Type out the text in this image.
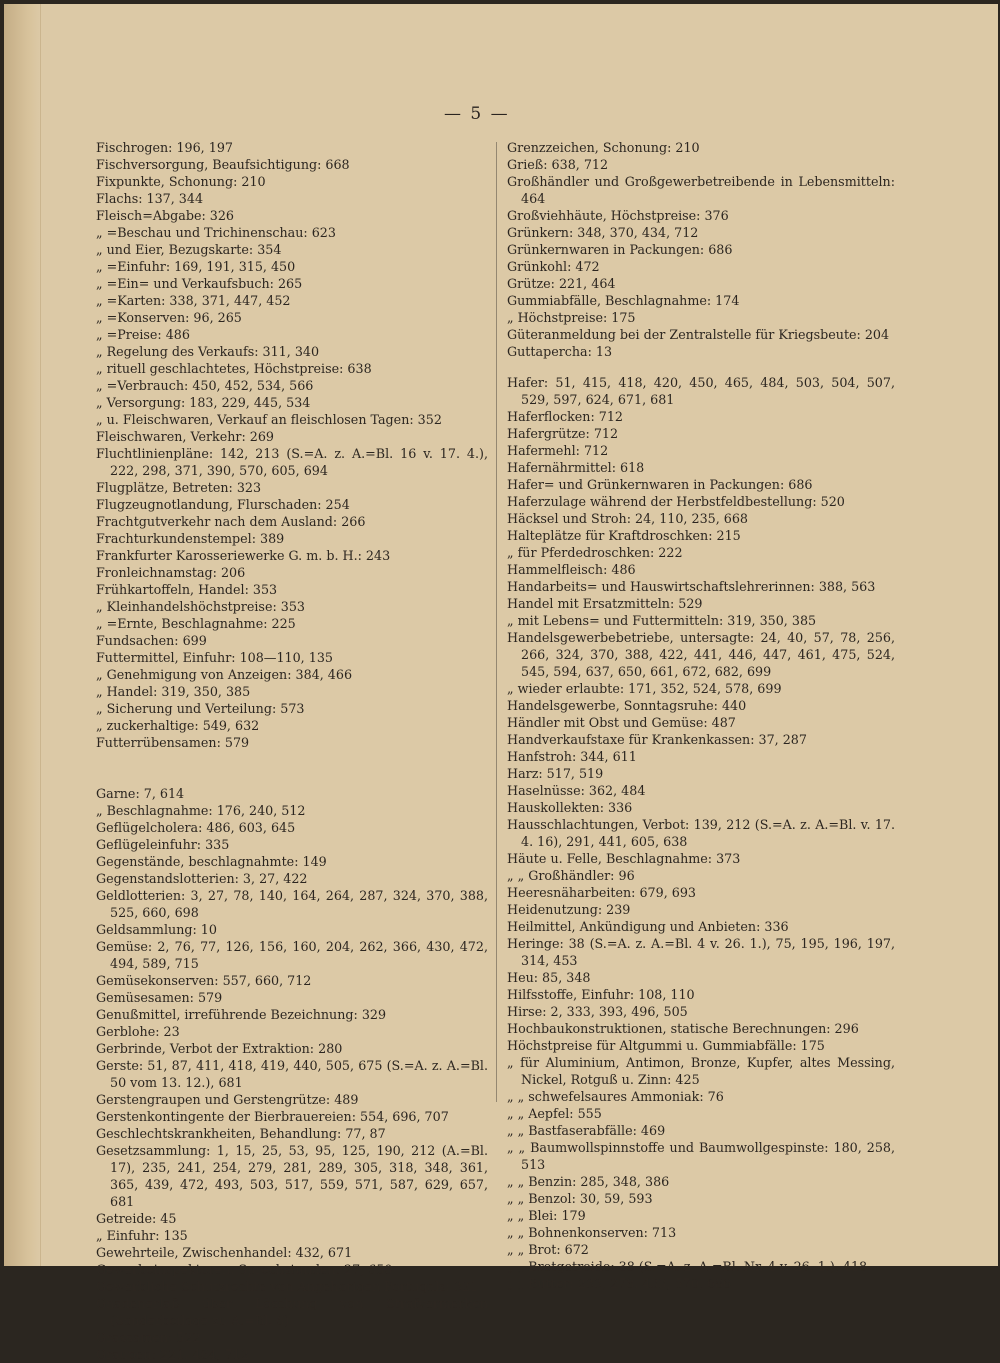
— 5 —

Fischrogen: 196, 197

Fischversorgung, Beaufsichtigung: 668

Fixpunkte, Schonung: 210

Flachs: 137, 344

Fleisch=Abgabe: 326

„ =Beschau und Trichinenschau: 623

„ und Eier, Bezugskarte: 354

„ =Einfuhr: 169, 191, 315, 450

„ =Ein= und Verkaufsbuch: 265

„ =Karten: 338, 371, 447, 452

„ =Konserven: 96, 265

„ =Preise: 486

„ Regelung des Verkaufs: 311, 340

„ rituell geschlachtetes, Höchstpreise: 638

„ =Verbrauch: 450, 452, 534, 566

„ Versorgung: 183, 229, 445, 534

„ u. Fleischwaren, Verkauf an fleischlosen Tagen: 352

Fleischwaren, Verkehr: 269

Fluchtlinienpläne: 142, 213 (S.=A. z. A.=Bl. 16 v. 17. 4.), 222, 298, 371, 390, 570, 605, 694

Flugplätze, Betreten: 323

Flugzeugnotlandung, Flurschaden: 254

Frachtgutverkehr nach dem Ausland: 266

Frachturkundenstempel: 389

Frankfurter Karosseriewerke G. m. b. H.: 243

Fronleichnamstag: 206

Frühkartoffeln, Handel: 353

„ Kleinhandelshöchstpreise: 353

„ =Ernte, Beschlagnahme: 225

Fundsachen: 699

Futtermittel, Einfuhr: 108—110, 135

„ Genehmigung von Anzeigen: 384, 466

„ Handel: 319, 350, 385

„ Sicherung und Verteilung: 573

„ zuckerhaltige: 549, 632

Futterrübensamen: 579

Garne: 7, 614

„ Beschlagnahme: 176, 240, 512

Geflügelcholera: 486, 603, 645

Geflügeleinfuhr: 335

Gegenstände, beschlagnahmte: 149

Gegenstandslotterien: 3, 27, 422

Geldlotterien: 3, 27, 78, 140, 164, 264, 287, 324, 370, 388, 525, 660, 698

Geldsammlung: 10

Gemüse: 2, 76, 77, 126, 156, 160, 204, 262, 366, 430, 472, 494, 589, 715

Gemüsekonserven: 557, 660, 712

Gemüsesamen: 579

Genußmittel, irreführende Bezeichnung: 329

Gerblohe: 23

Gerbrinde, Verbot der Extraktion: 280

Gerste: 51, 87, 411, 418, 419, 440, 505, 675 (S.=A. z. A.=Bl. 50 vom 13. 12.), 681

Gerstengraupen und Gerstengrütze: 489

Gerstenkontingente der Bierbrauereien: 554, 696, 707

Geschlechtskrankheiten, Behandlung: 77, 87

Gesetzsammlung: 1, 15, 25, 53, 95, 125, 190, 212 (A.=Bl. 17), 235, 241, 254, 279, 281, 289, 305, 318, 348, 361, 365, 439, 472, 493, 503, 517, 559, 571, 587, 629, 657, 681

Getreide: 45

„ Einfuhr: 135

Gewehrteile, Zwischenhandel: 432, 671

Gewerbeinspektoren, Sprechstunden: 27, 650

Gewerbliche Schutzrechte von Angehörigen Portugals: 321

Gnadenerlaß über Löschung von Strafvermerken (Sonderbeilage zu A.=Bl. 6)

Grassamen: 522

Graupen: 221, 464, 712

Grenzzeichen, Schonung: 210

Grieß: 638, 712

Großhändler und Großgewerbetreibende in Lebensmitteln: 464

Großviehhäute, Höchstpreise: 376

Grünkern: 348, 370, 434, 712

Grünkernwaren in Packungen: 686

Grünkohl: 472

Grütze: 221, 464

Gummiabfälle, Beschlagnahme: 174

„ Höchstpreise: 175

Güteranmeldung bei der Zentralstelle für Kriegsbeute: 204

Guttapercha: 13

Hafer: 51, 415, 418, 420, 450, 465, 484, 503, 504, 507, 529, 597, 624, 671, 681

Haferflocken: 712

Hafergrütze: 712

Hafermehl: 712

Hafernährmittel: 618

Hafer= und Grünkernwaren in Packungen: 686

Haferzulage während der Herbstfeldbestellung: 520

Häcksel und Stroh: 24, 110, 235, 668

Halteplätze für Kraftdroschken: 215

„ für Pferdedroschken: 222

Hammelfleisch: 486

Handarbeits= und Hauswirtschaftslehrerinnen: 388, 563

Handel mit Ersatzmitteln: 529

„ mit Lebens= und Futtermitteln: 319, 350, 385

Handelsgewerbebetriebe, untersagte: 24, 40, 57, 78, 256, 266, 324, 370, 388, 422, 441, 446, 447, 461, 475, 524, 545, 594, 637, 650, 661, 672, 682, 699

„ wieder erlaubte: 171, 352, 524, 578, 699

Handelsgewerbe, Sonntagsruhe: 440

Händler mit Obst und Gemüse: 487

Handverkaufstaxe für Krankenkassen: 37, 287

Hanfstroh: 344, 611

Harz: 517, 519

Haselnüsse: 362, 484

Hauskollekten: 336

Hausschlachtungen, Verbot: 139, 212 (S.=A. z. A.=Bl. v. 17. 4. 16), 291, 441, 605, 638

Häute u. Felle, Beschlagnahme: 373

„ „ Großhändler: 96

Heeresnäharbeiten: 679, 693

Heidenutzung: 239

Heilmittel, Ankündigung und Anbieten: 336

Heringe: 38 (S.=A. z. A.=Bl. 4 v. 26. 1.), 75, 195, 196, 197, 314, 453

Heu: 85, 348

Hilfsstoffe, Einfuhr: 108, 110

Hirse: 2, 333, 393, 496, 505

Hochbaukonstruktionen, statische Berechnungen: 296

Höchstpreise für Altgummi u. Gummiabfälle: 175

„ für Aluminium, Antimon, Bronze, Kupfer, altes Messing, Nickel, Rotguß u. Zinn: 425

„ „ schwefelsaures Ammoniak: 76

„ „ Aepfel: 555

„ „ Bastfaserabfälle: 469

„ „ Baumwollspinnstoffe und Baumwollgespinste: 180, 258, 513

„ „ Benzin: 285, 348, 386

„ „ Benzol: 30, 59, 593

„ „ Blei: 179

„ „ Bohnenkonserven: 713

„ „ Brot: 672

„ „ Brotgetreide: 38 (S.=A. z. A.=Bl. Nr. 4 v. 26. 1.), 418

„ „ Butter: 233, 278, 433, 570, 686
